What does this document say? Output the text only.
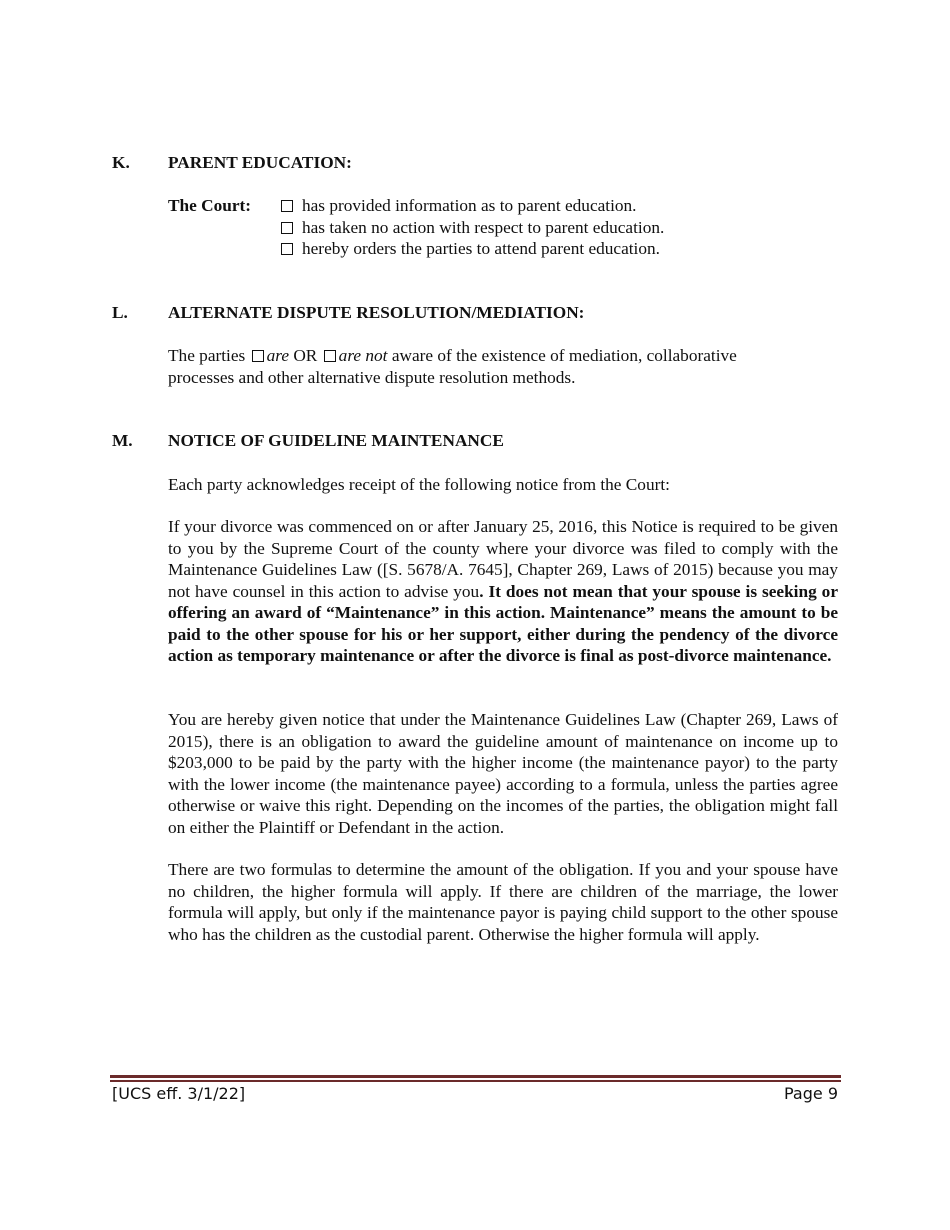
K.	PARENT EDUCATION:
The Court:	has provided information as to parent education.
has taken no action with respect to parent education.
hereby orders the parties to attend parent education.
L.	ALTERNATE DISPUTE RESOLUTION/MEDIATION:
The parties are OR are not aware of the existence of mediation, collaborative
processes and other alternative dispute resolution methods.
M.	NOTICE OF GUIDELINE MAINTENANCE
Each party acknowledges receipt of the following notice from the Court:
If your divorce was commenced on or after January 25, 2016, this Notice is required to be given to you by the Supreme Court of the county where your divorce was filed to comply with the Maintenance Guidelines Law ([S. 5678/A. 7645], Chapter 269, Laws of 2015) because you may not have counsel in this action to advise you. It does not mean that your spouse is seeking or offering an award of “Maintenance” in this action. Maintenance” means the amount to be paid to the other spouse for his or her support, either during the pendency of the divorce action as temporary maintenance or after the divorce is final as post-divorce maintenance.
You are hereby given notice that under the Maintenance Guidelines Law (Chapter 269, Laws of 2015), there is an obligation to award the guideline amount of maintenance on income up to $203,000 to be paid by the party with the higher income (the maintenance payor) to the party with the lower income (the maintenance payee) according to a formula, unless the parties agree otherwise or waive this right. Depending on the incomes of the parties, the obligation might fall on either the Plaintiff or Defendant in the action.
There are two formulas to determine the amount of the obligation. If you and your spouse have no children, the higher formula will apply. If there are children of the marriage, the lower formula will apply, but only if the maintenance payor is paying child support to the other spouse who has the children as the custodial parent. Otherwise the higher formula will apply.
[UCS eff. 3/1/22]	Page 9
